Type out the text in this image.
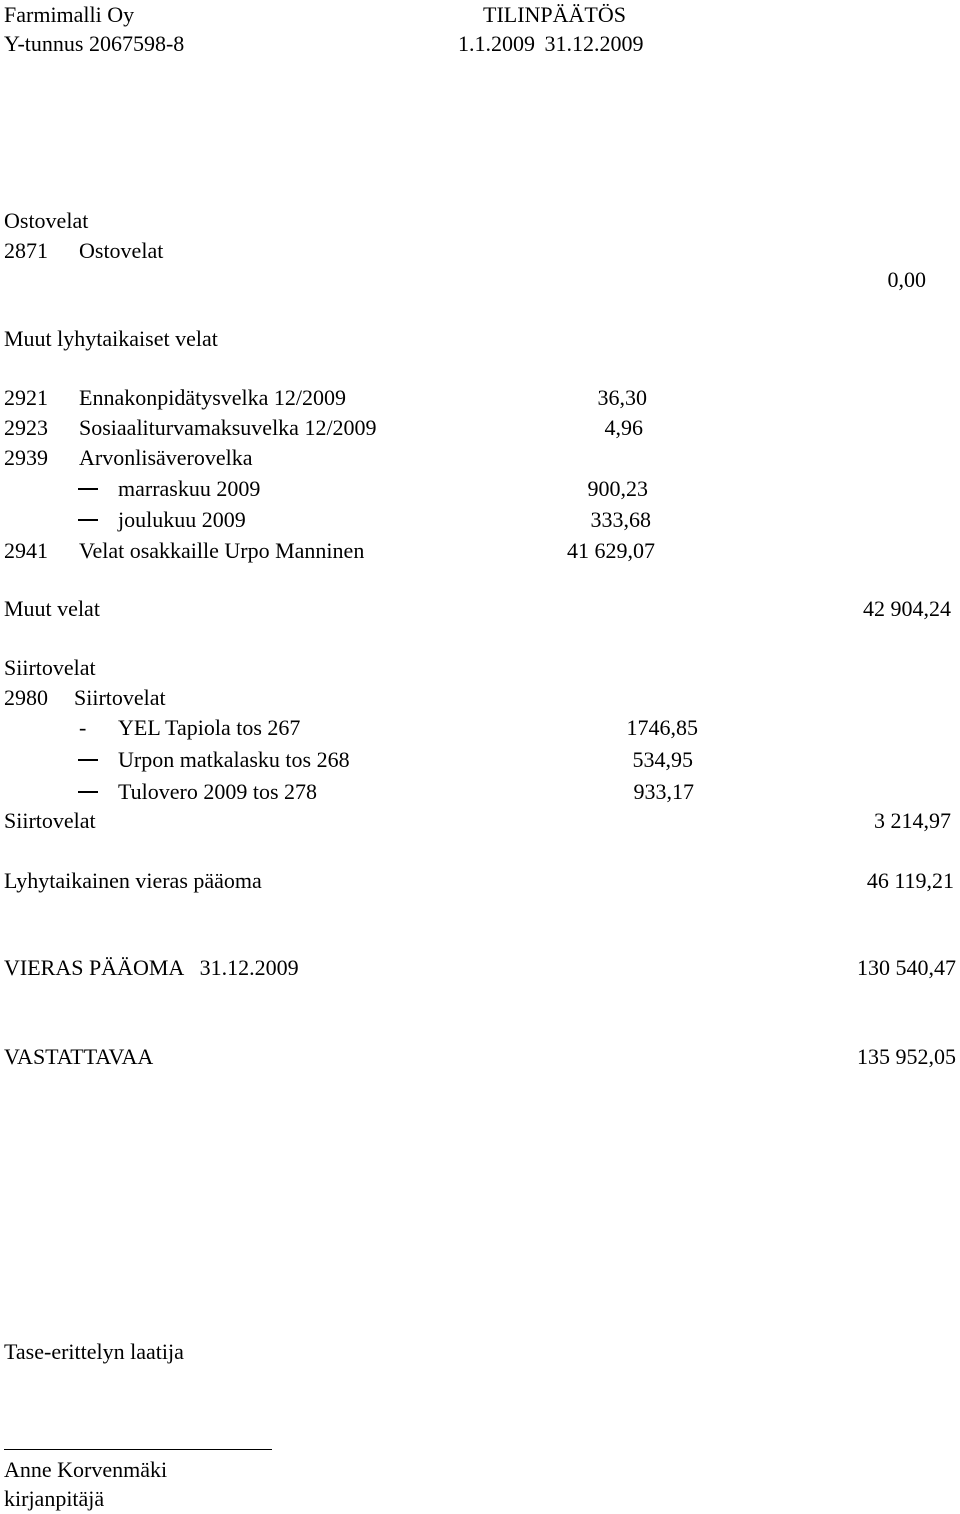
Farmimalli Oy
Y-tunnus 2067598-8
TILINPÄÄTÖS
1.1.2009 31.12.2009
Ostovelat
2871 Ostovelat
0,00
Muut lyhytaikaiset velat
2921 Ennakonpidätysvelka 12/2009	36,30
2923 Sosiaaliturvamaksuvelka 12/2009	4,96
2939 Arvonlisäverovelka
marraskuu 2009	900,23
joulukuu 2009	333,68
2941 Velat osakkaille Urpo Manninen	41 629,07
Muut velat	42 904,24
Siirtovelat
2980 Siirtovelat
- YEL Tapiola tos 267	1746,85
Urpon matkalasku tos 268	534,95
Tulovero 2009 tos 278	933,17
Siirtovelat	3 214,97
Lyhytaikainen vieras pääoma	46 119,21
VIERAS PÄÄOMA   31.12.2009	130 540,47
VASTATTAVAA	135 952,05
Tase-erittelyn laatija
Anne Korvenmäki
kirjanpitäjä
